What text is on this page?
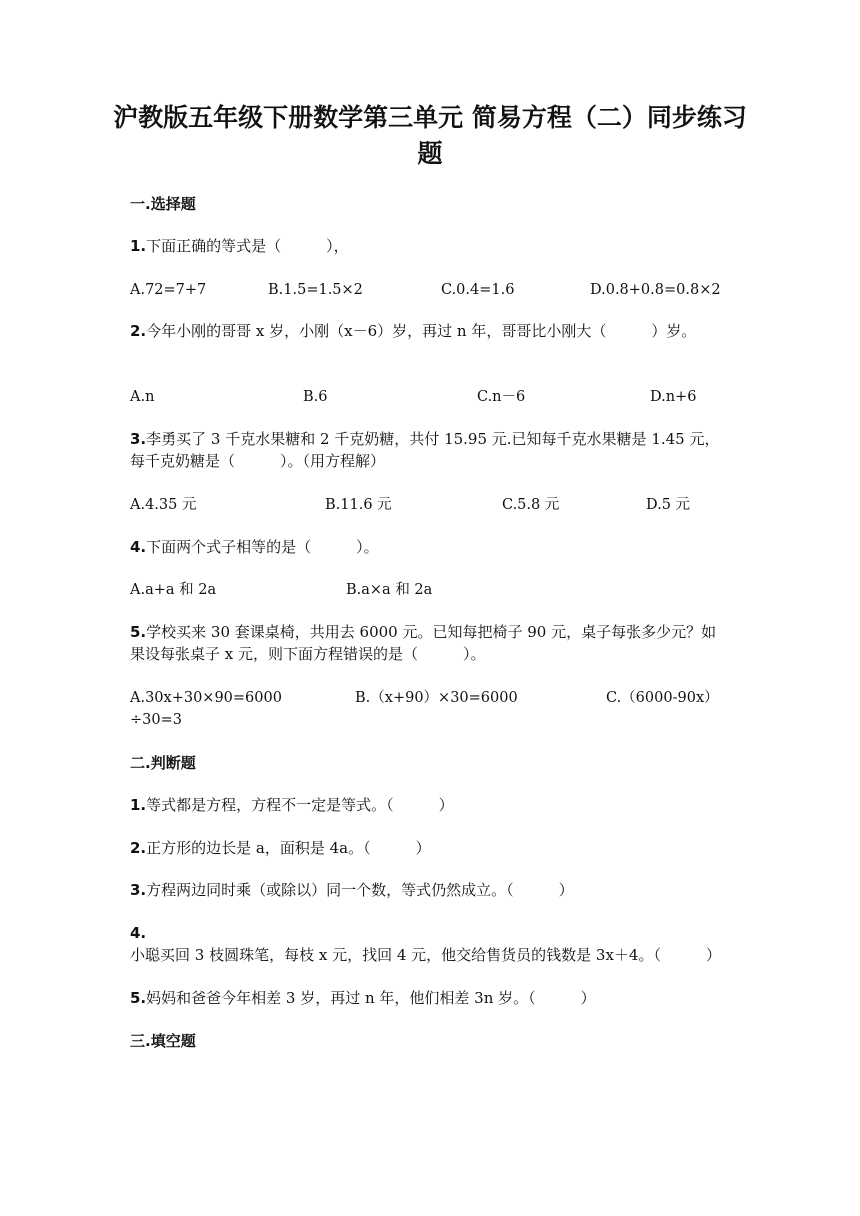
沪教版五年级下册数学第三单元 简易方程（二）同步练习题
一.选择题
1.下面正确的等式是（　　　），
A.72=7+7	B.1.5=1.5×2	C.0.4=1.6	D.0.8+0.8=0.8×2
2.今年小刚的哥哥 x 岁，小刚（x－6）岁，再过 n 年，哥哥比小刚大（　　　）岁。
A.n	B.6	C.n－6	D.n+6
3.李勇买了 3 千克水果糖和 2 千克奶糖，共付 15.95 元.已知每千克水果糖是 1.45 元，每千克奶糖是（　　　）。（用方程解）
A.4.35 元	B.11.6 元	C.5.8 元	D.5 元
4.下面两个式子相等的是（　　　）。
A.a+a 和 2a	B.a×a 和 2a
5.学校买来 30 套课桌椅，共用去 6000 元。已知每把椅子 90 元，桌子每张多少元？如果设每张桌子 x 元，则下面方程错误的是（　　　）。
A.30x+30×90=6000	B.（x+90）×30=6000	C.（6000-90x）
÷30=3
二.判断题
1.等式都是方程，方程不一定是等式。（　　　）
2.正方形的边长是 a，面积是 4a。（　　　）
3.方程两边同时乘（或除以）同一个数，等式仍然成立。（　　　）
4.小聪买回 3 枝圆珠笔，每枝 x 元，找回 4 元，他交给售货员的钱数是 3x＋4。（　　　）
5.妈妈和爸爸今年相差 3 岁，再过 n 年，他们相差 3n 岁。（　　　）
三.填空题
